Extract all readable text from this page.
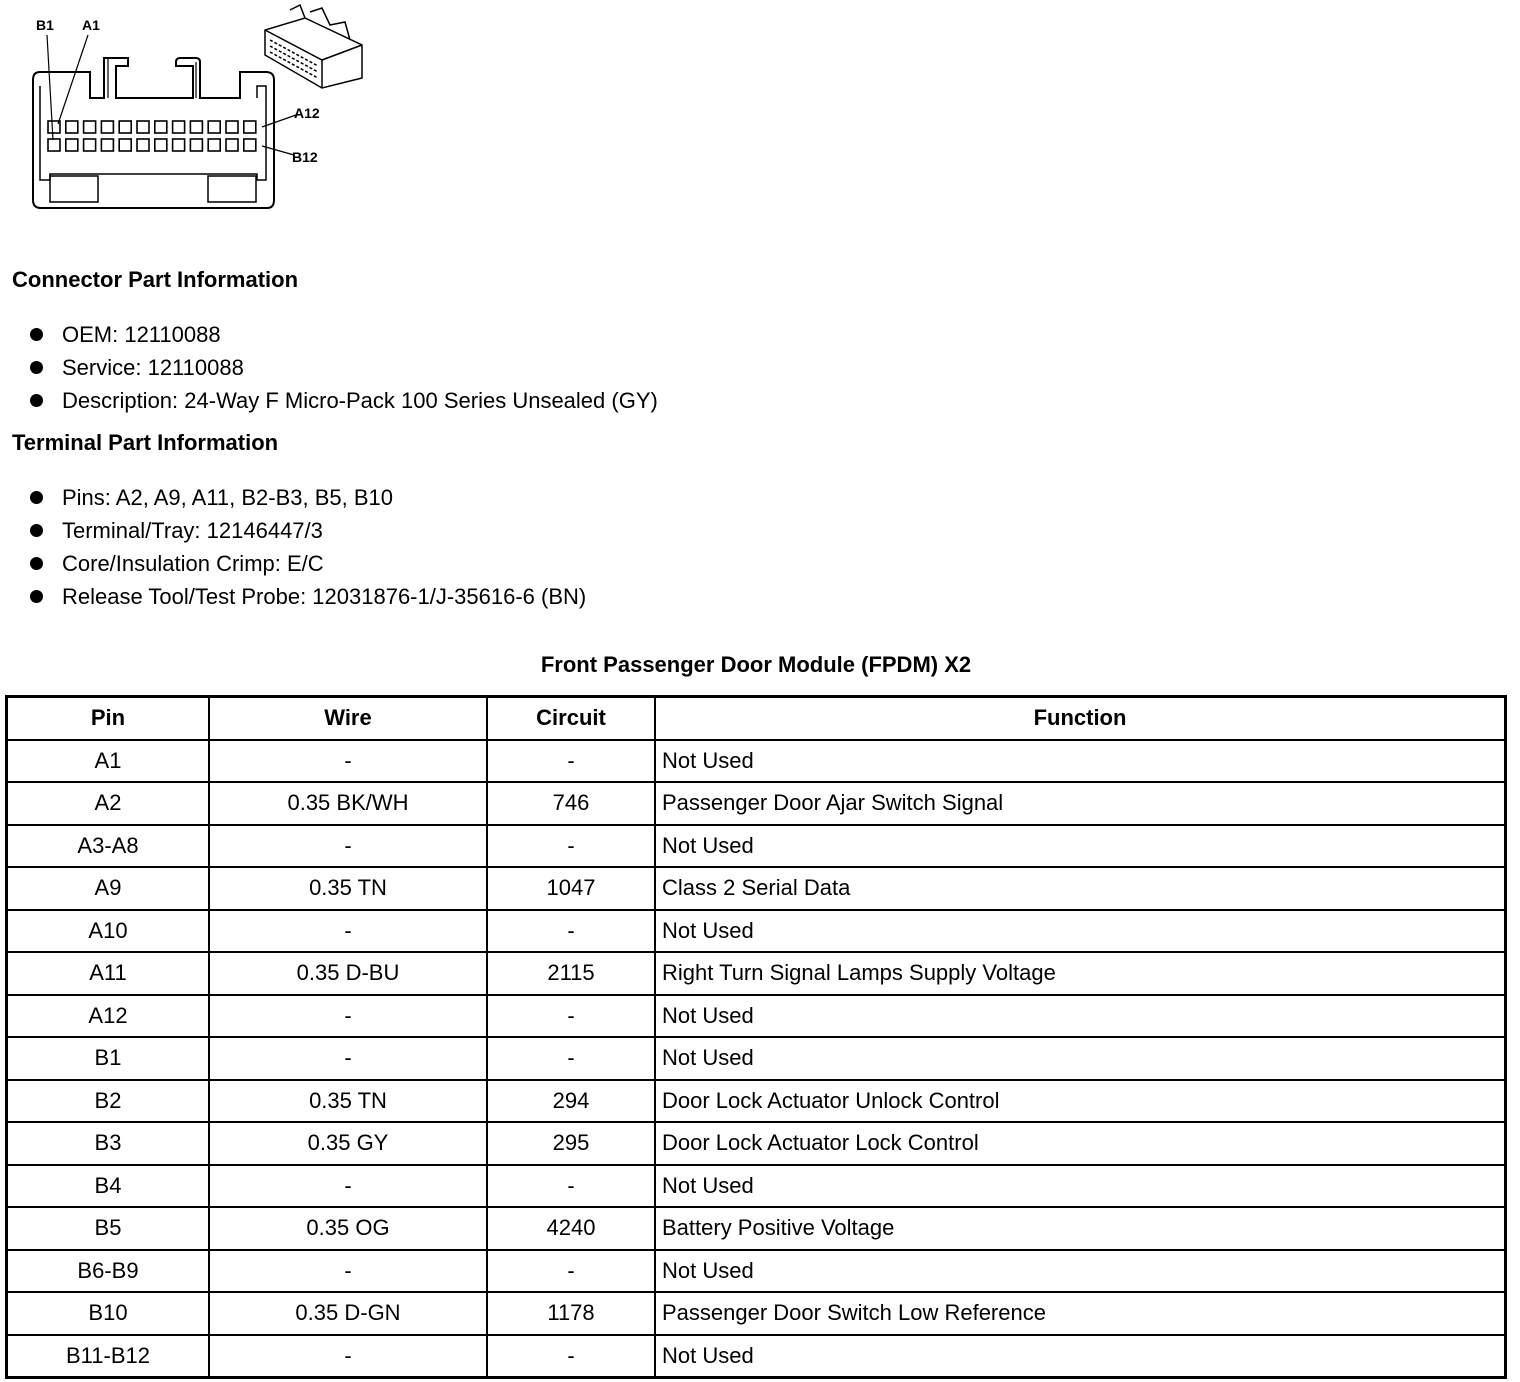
B1 A1
A12
B12
Connector Part Information
OEM: 12110088
Service: 12110088
Description: 24-Way F Micro-Pack 100 Series Unsealed (GY)
Terminal Part Information
Pins: A2, A9, A11, B2-B3, B5, B10
Terminal/Tray: 12146447/3
Core/Insulation Crimp: E/C
Release Tool/Test Probe: 12031876-1/J-35616-6 (BN)
Front Passenger Door Module (FPDM) X2
Pin	Wire	Circuit	Function
A1	-	-	Not Used
A2	0.35 BK/WH	746	Passenger Door Ajar Switch Signal
A3-A8	-	-	Not Used
A9	0.35 TN	1047	Class 2 Serial Data
A10	-	-	Not Used
A11	0.35 D-BU	2115	Right Turn Signal Lamps Supply Voltage
A12	-	-	Not Used
B1	-	-	Not Used
B2	0.35 TN	294	Door Lock Actuator Unlock Control
B3	0.35 GY	295	Door Lock Actuator Lock Control
B4	-	-	Not Used
B5	0.35 OG	4240	Battery Positive Voltage
B6-B9	-	-	Not Used
B10	0.35 D-GN	1178	Passenger Door Switch Low Reference
B11-B12	-	-	Not Used
